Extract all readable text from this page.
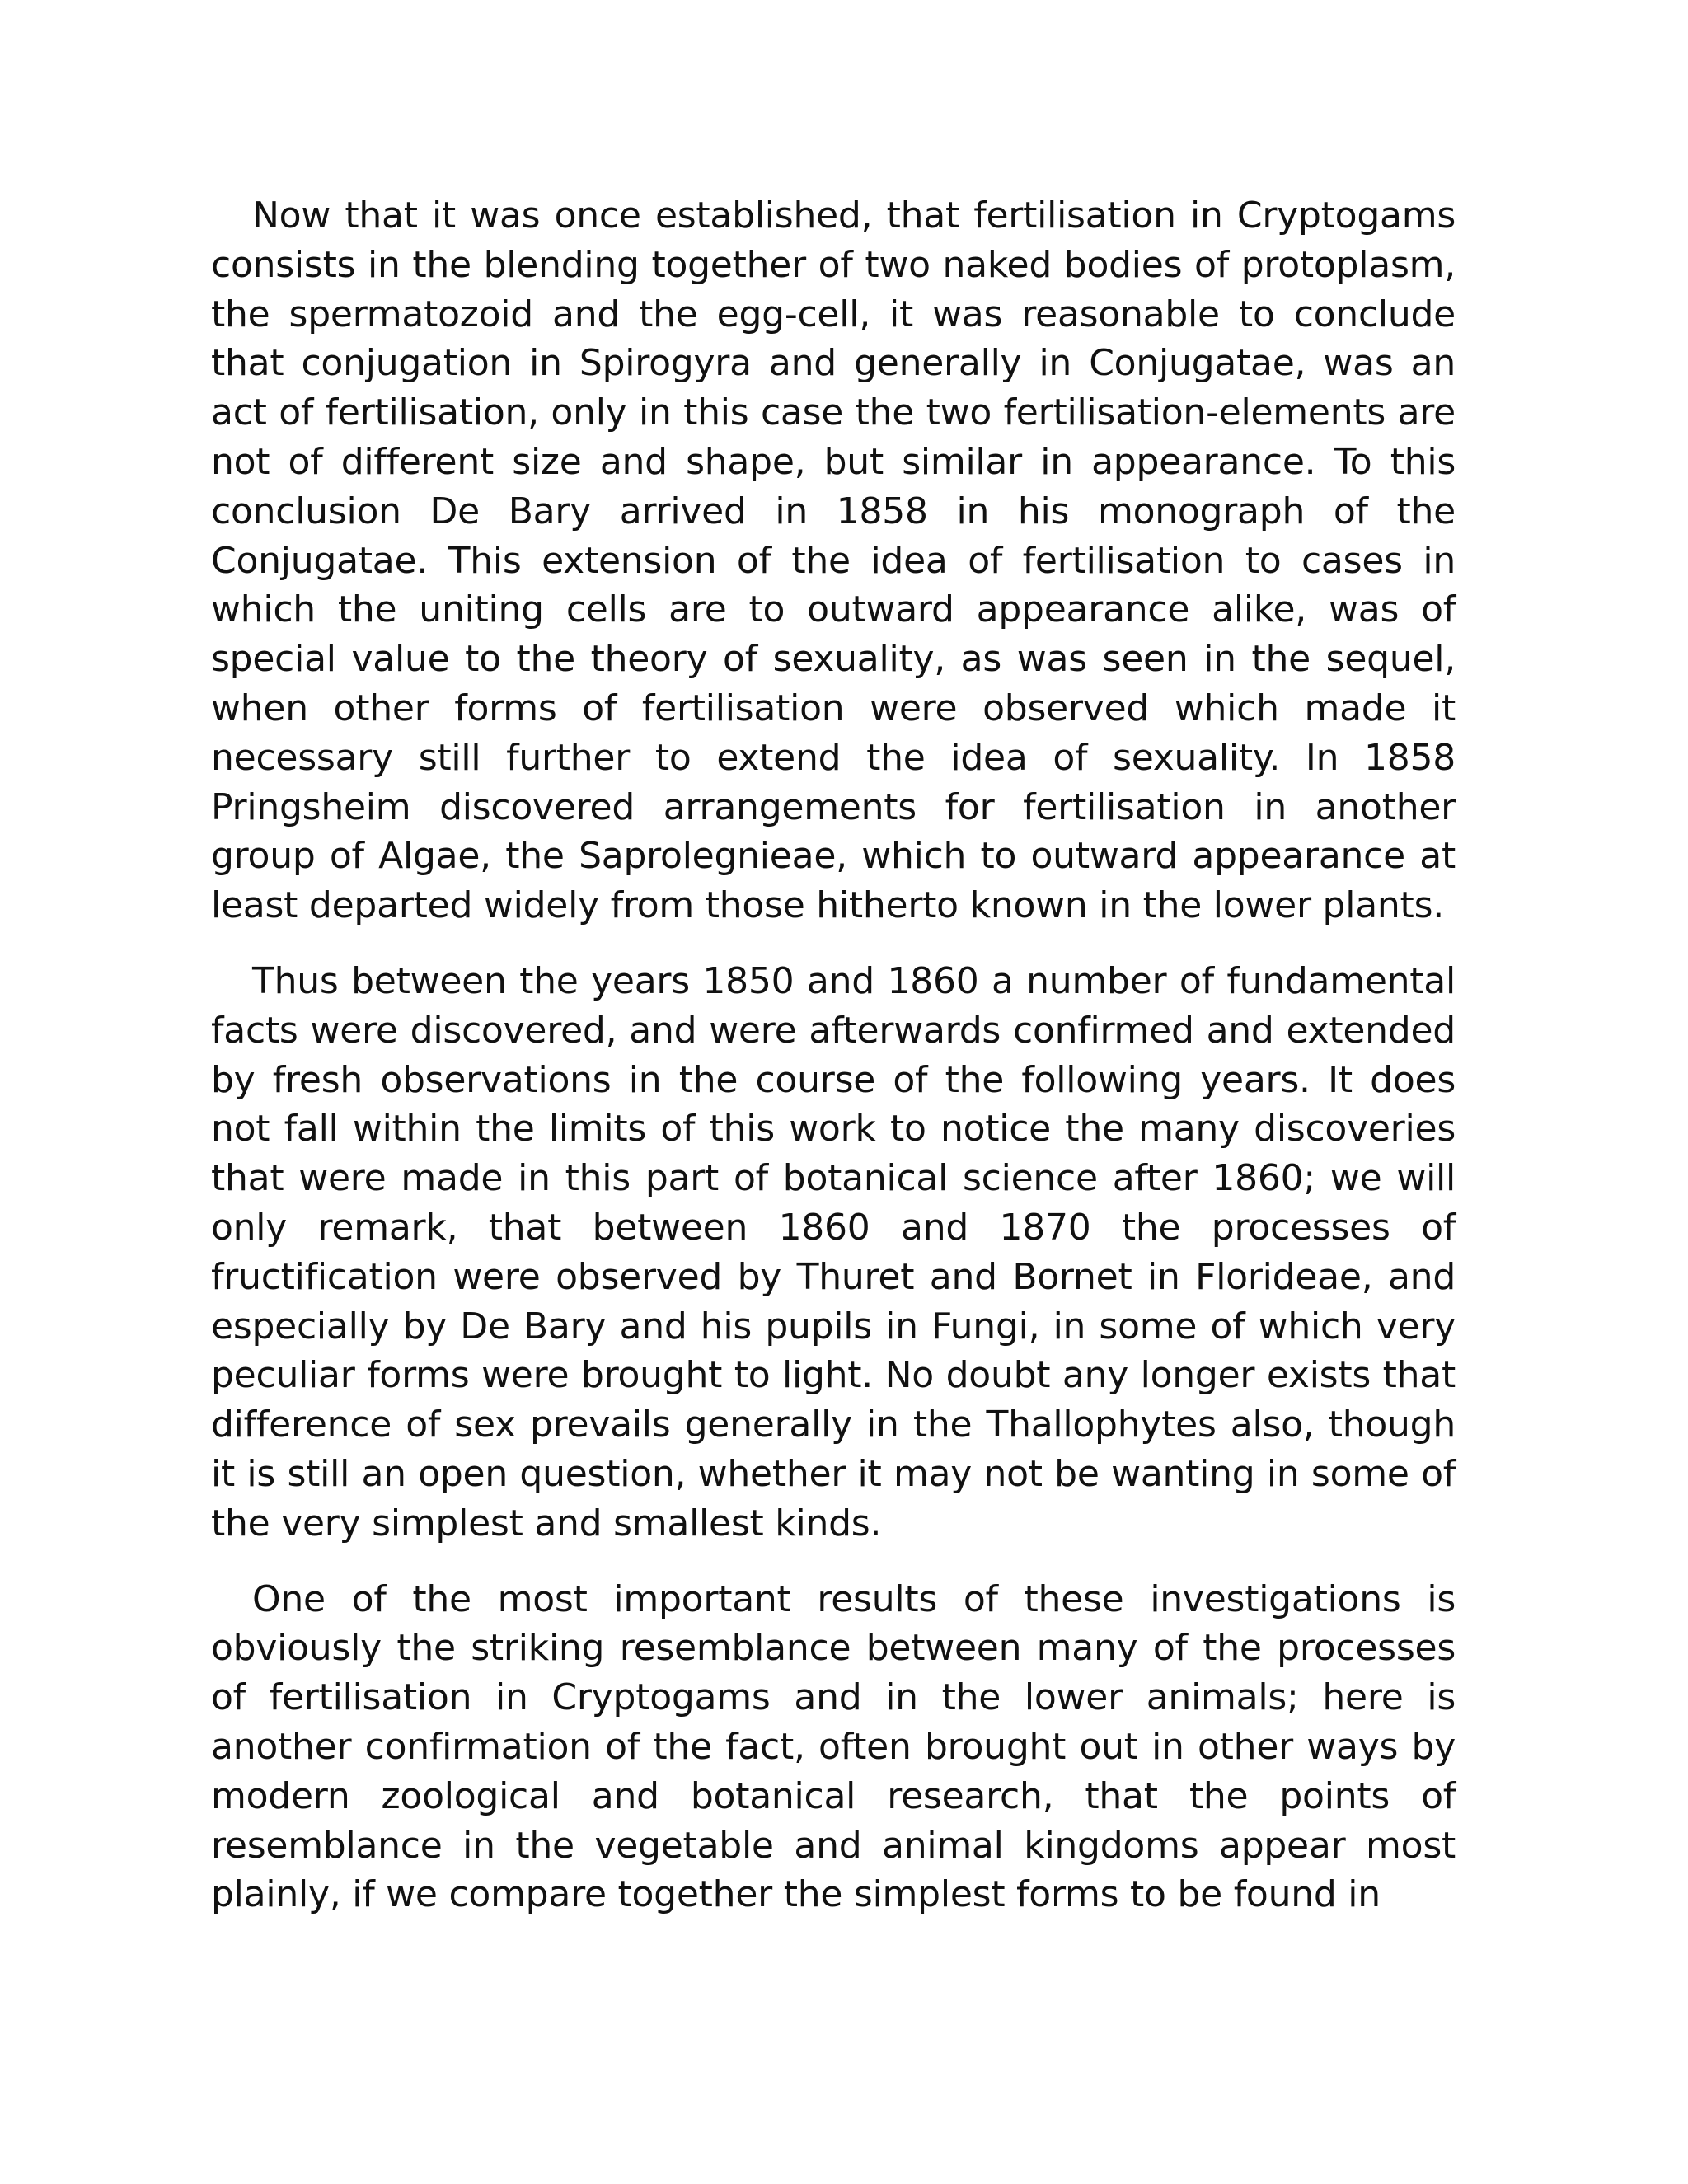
Now that it was once established, that fertilisation in Cryptogams consists in the blending together of two naked bodies of protoplasm, the spermatozoid and the egg-cell, it was reasonable to conclude that conjugation in Spirogyra and generally in Conjugatae, was an act of fertilisation, only in this case the two fertilisation-elements are not of different size and shape, but similar in appearance. To this conclusion De Bary arrived in 1858 in his monograph of the Conjugatae. This extension of the idea of fertilisation to cases in which the uniting cells are to outward appearance alike, was of special value to the theory of sexuality, as was seen in the sequel, when other forms of fertilisation were observed which made it necessary still further to extend the idea of sexuality. In 1858 Pringsheim discovered arrangements for fertilisation in another group of Algae, the Saprolegnieae, which to outward appearance at least departed widely from those hitherto known in the lower plants.

Thus between the years 1850 and 1860 a number of fundamental facts were discovered, and were afterwards confirmed and extended by fresh observations in the course of the following years. It does not fall within the limits of this work to notice the many discoveries that were made in this part of botanical science after 1860; we will only remark, that between 1860 and 1870 the processes of fructification were observed by Thuret and Bornet in Florideae, and especially by De Bary and his pupils in Fungi, in some of which very peculiar forms were brought to light. No doubt any longer exists that difference of sex prevails generally in the Thallophytes also, though it is still an open question, whether it may not be wanting in some of the very simplest and smallest kinds.

One of the most important results of these investigations is obviously the striking resemblance between many of the processes of fertilisation in Cryptogams and in the lower animals; here is another confirmation of the fact, often brought out in other ways by modern zoological and botanical research, that the points of resemblance in the vegetable and animal kingdoms appear most plainly, if we compare together the simplest forms to be found in
